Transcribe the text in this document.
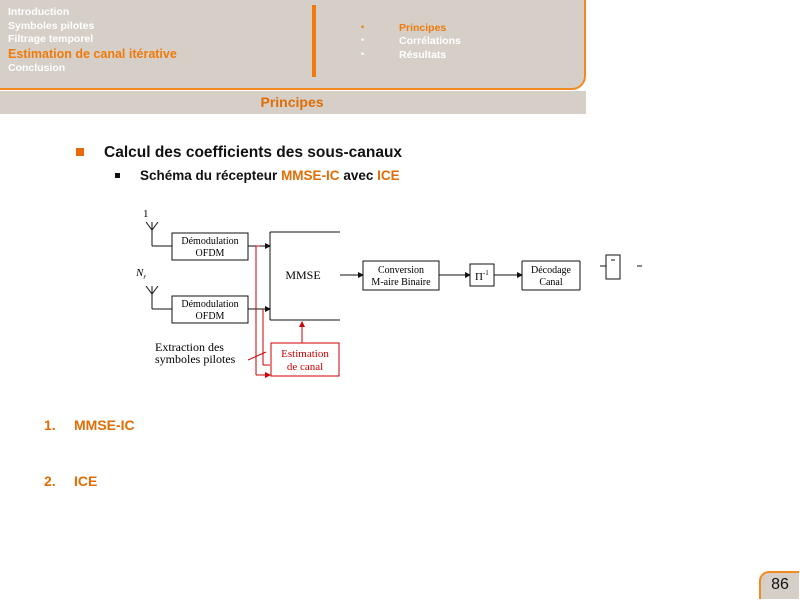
Introduction

Symboles pilotes

Filtrage temporel

Estimation de canal itérative

Conclusion

•	Principes
•	Corrélations
•	Résultats
Principes
Calcul des coefficients des sous-canaux
Schéma du récepteur MMSE-IC avec ICE
1
$N_r$
Démodulation
OFDM
Démodulation
OFDM
MMSE	Conversion
M-aire Binaire	$\Pi^{-1}$	Décodage
Canal
Extraction des
symboles pilotes	Estimation
de canal
1. MMSE-IC
2. ICE
86
